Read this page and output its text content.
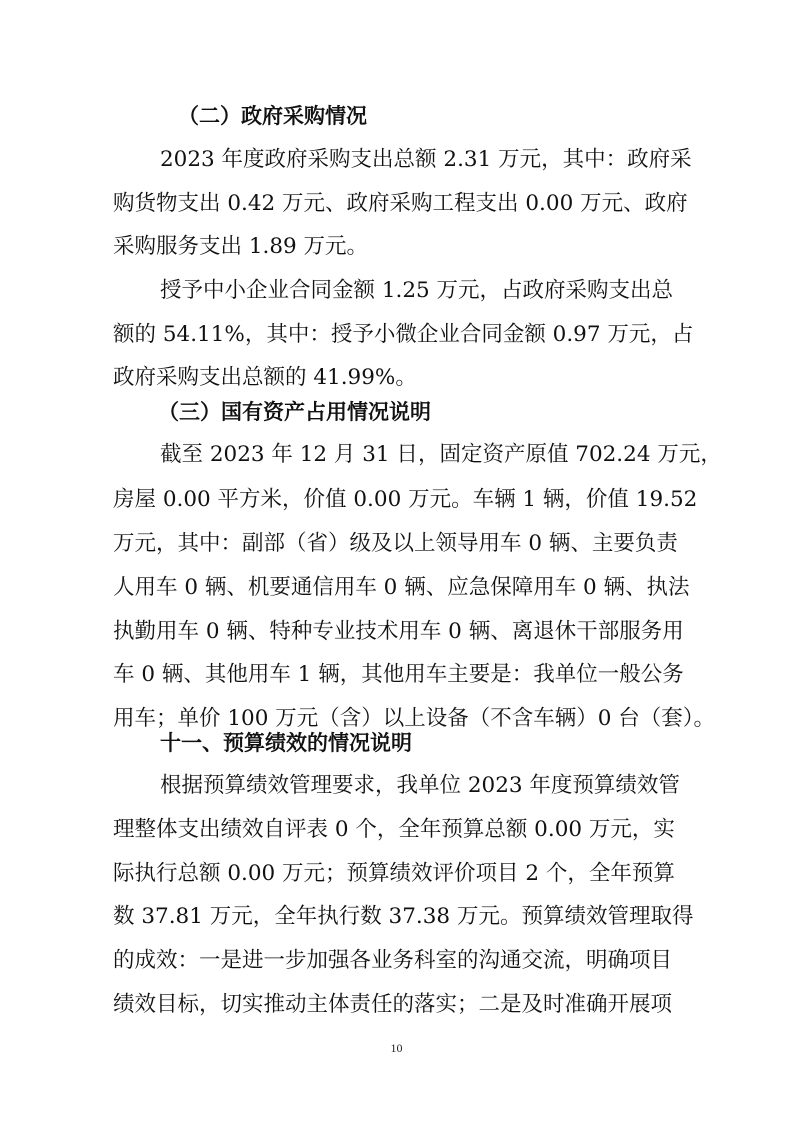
（二）政府采购情况
2023 年度政府采购支出总额 2.31 万元，其中：政府采
购货物支出 0.42 万元、政府采购工程支出 0.00 万元、政府
采购服务支出 1.89 万元。
授予中小企业合同金额 1.25 万元，占政府采购支出总
额的 54.11%，其中：授予小微企业合同金额 0.97 万元，占
政府采购支出总额的 41.99%。
（三）国有资产占用情况说明
截至 2023 年 12 月 31 日，固定资产原值 702.24 万元，
房屋 0.00 平方米，价值 0.00 万元。车辆 1 辆，价值 19.52
万元，其中：副部（省）级及以上领导用车 0 辆、主要负责
人用车 0 辆、机要通信用车 0 辆、应急保障用车 0 辆、执法
执勤用车 0 辆、特种专业技术用车 0 辆、离退休干部服务用
车 0 辆、其他用车 1 辆，其他用车主要是：我单位一般公务
用车；单价 100 万元（含）以上设备（不含车辆）0 台（套）。
十一、预算绩效的情况说明
根据预算绩效管理要求，我单位 2023 年度预算绩效管
理整体支出绩效自评表 0 个，全年预算总额 0.00 万元，实
际执行总额 0.00 万元；预算绩效评价项目 2 个，全年预算
数 37.81 万元，全年执行数 37.38 万元。预算绩效管理取得
的成效：一是进一步加强各业务科室的沟通交流，明确项目
绩效目标，切实推动主体责任的落实；二是及时准确开展项
10
